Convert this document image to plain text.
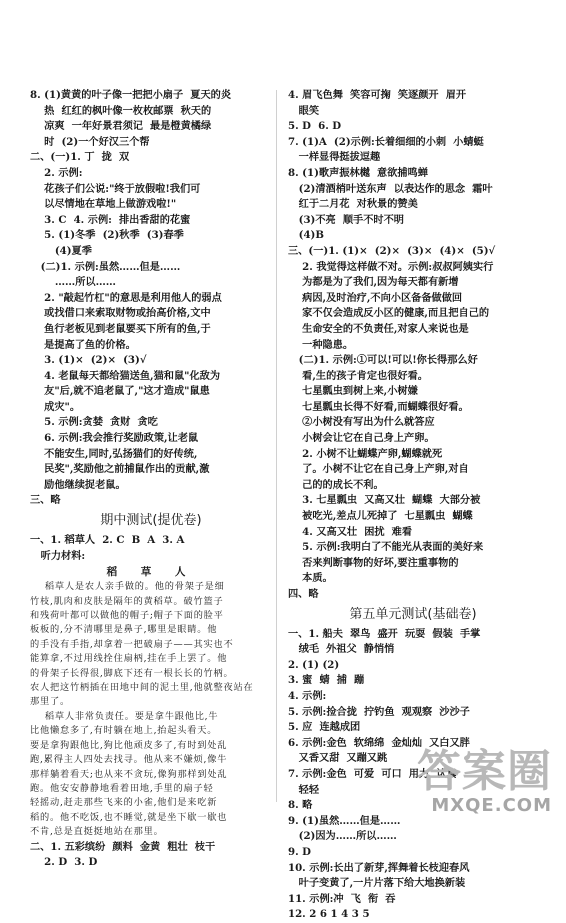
8. (1)黄黄的叶子像一把把小扇子  夏天的炎
热  红红的枫叶像一枚枚邮票  秋天的
凉爽  一年好景君须记  最是橙黄橘绿
时  (2)一个好汉三个帮
二、(一)1. 丁  拢  双
2. 示例:
花孩子们公说:"终于放假啦!我们可
以尽情地在草地上做游戏啦!"
3. C  4. 示例:  排出香甜的花蜜
5. (1)冬季  (2)秋季  (3)春季
(4)夏季
(二)1. 示例:虽然……但是……
……所以……
2. "敲起竹杠"的意思是利用他人的弱点
或找借口来索取财物或抬高价格,文中
鱼行老板见到老鼠要买下所有的鱼,于
是提高了鱼的价格。
3. (1)×  (2)×  (3)√
4. 老鼠每天都给猫送鱼,猫和鼠"化敌为
友"后,就不追老鼠了,"这才造成"鼠患
成灾"。
5. 示例:贪婪  贪财  贪吃
6. 示例:我会推行奖励政策,让老鼠
不能安生,同时,弘扬猫们的好传统,
民奖",奖励他之前捕鼠作出的贡献,激
励他继续捉老鼠。
三、略
期中测试(提优卷)
一、1. 稻草人  2. C  B  A  3. A
听力材料:
稻 草 人
稻草人是农人亲手做的。他的骨架子是细
竹枝,肌肉和皮肤是隔年的黄稻草。破竹篮子
和残荷叶都可以做他的帽子;帽子下面的脸平
板板的,分不清哪里是鼻子,哪里是眼睛。他
的手没有手指,却拿着一把破扇子——其实也不
能算拿,不过用线拴住扇柄,挂在手上罢了。他
的骨架子长得很,脚底下还有一根长长的竹柄。
农人把这竹柄插在田地中间的泥土里,他就整夜站在
那里了。
稻草人非常负责任。要是拿牛跟他比,牛
比他懒怠多了,有时躺在地上,抬起头看天。
要是拿狗跟他比,狗比他顽皮多了,有时到处乱
跑,累得主人四处去找寻。他从来不嫌烦,像牛
那样躺着看天;也从来不贪玩,像狗那样到处乱
跑。他安安静静地看着田地,手里的扇子轻
轻摇动,赶走那些飞来的小雀,他们是来吃新
稻的。他不吃饭,也不睡觉,就是坐下歇一歇也
不肯,总是直挺挺地站在那里。
二、1. 五彩缤纷  颜料  金黄  粗壮  枝干
2. D  3. D
4. 眉飞色舞  笑容可掬  笑逐颜开  眉开
眼笑
5. D  6. D
7. (1)A  (2)示例:长着细细的小刺  小蜻蜓
一样显得挺拔逗趣
8. (1)歌声振林樾  意欲捕鸣蝉
(2)清酒梢叶送东声  以表达作的思念  霜叶
红于二月花  对秋景的赞美
(3)不亮  顺手不时不明
(4)B
三、(一)1. (1)×  (2)×  (3)×  (4)×  (5)√
2. 我觉得这样做不对。示例:叔叔阿姨实行
为都是为了我们,因为每天都有新增
病因,及时治疗,不向小区备备做做回
家不仅会造成反小区的健康,而且把自己的
生命安全的不负责任,对家人来说也是
一种隐患。
(二)1. 示例:①可以!可以!你长得那么好
看,生的孩子肯定也很好看。
七星瓢虫到树上来,小树嫌
七星瓢虫长得不好看,而蝴蝶很好看。
②小树没有写出为什么就答应
小树会让它在自己身上产卵。
2. 小树不让蝴蝶产卵,蝴蝶就死
了。小树不让它在自己身上产卵,对自
己的的成长不利。
3. 七星瓢虫  又高又壮  蝴蝶  大部分被
被吃光,差点儿死掉了  七星瓢虫  蝴蝶
4. 又高又壮  困扰  难看
5. 示例:我明白了不能光从表面的美好来
否来判断事物的好坏,要注重事物的
本质。
四、略
第五单元测试(基础卷)
一、1. 船夫  翠鸟  盛开  玩耍  假装  手掌
绒毛  外祖父  静悄悄
2. (1) (2)
3. 蜜  蜻  捕  蹦
4. 示例:
5. 示例:捡合拢  拧钓鱼  观观察  沙沙子
5. 应  连越成团
6. 示例:金色  软绵绵  金灿灿  又白又胖
又香又甜  又蹦又跳
7. 示例:金色  可爱  可口  用力  认真
轻轻
8. 略
9. (1)虽然……但是……
(2)因为……所以……
9. D
10. 示例:长出了新芽,挥舞着长枝迎春风
叶子变黄了,一片片落下给大地换新装
11. 示例:冲  飞  衔  吞
12. 2 6 1 4 3 5
答案圈
MXQE.COM
